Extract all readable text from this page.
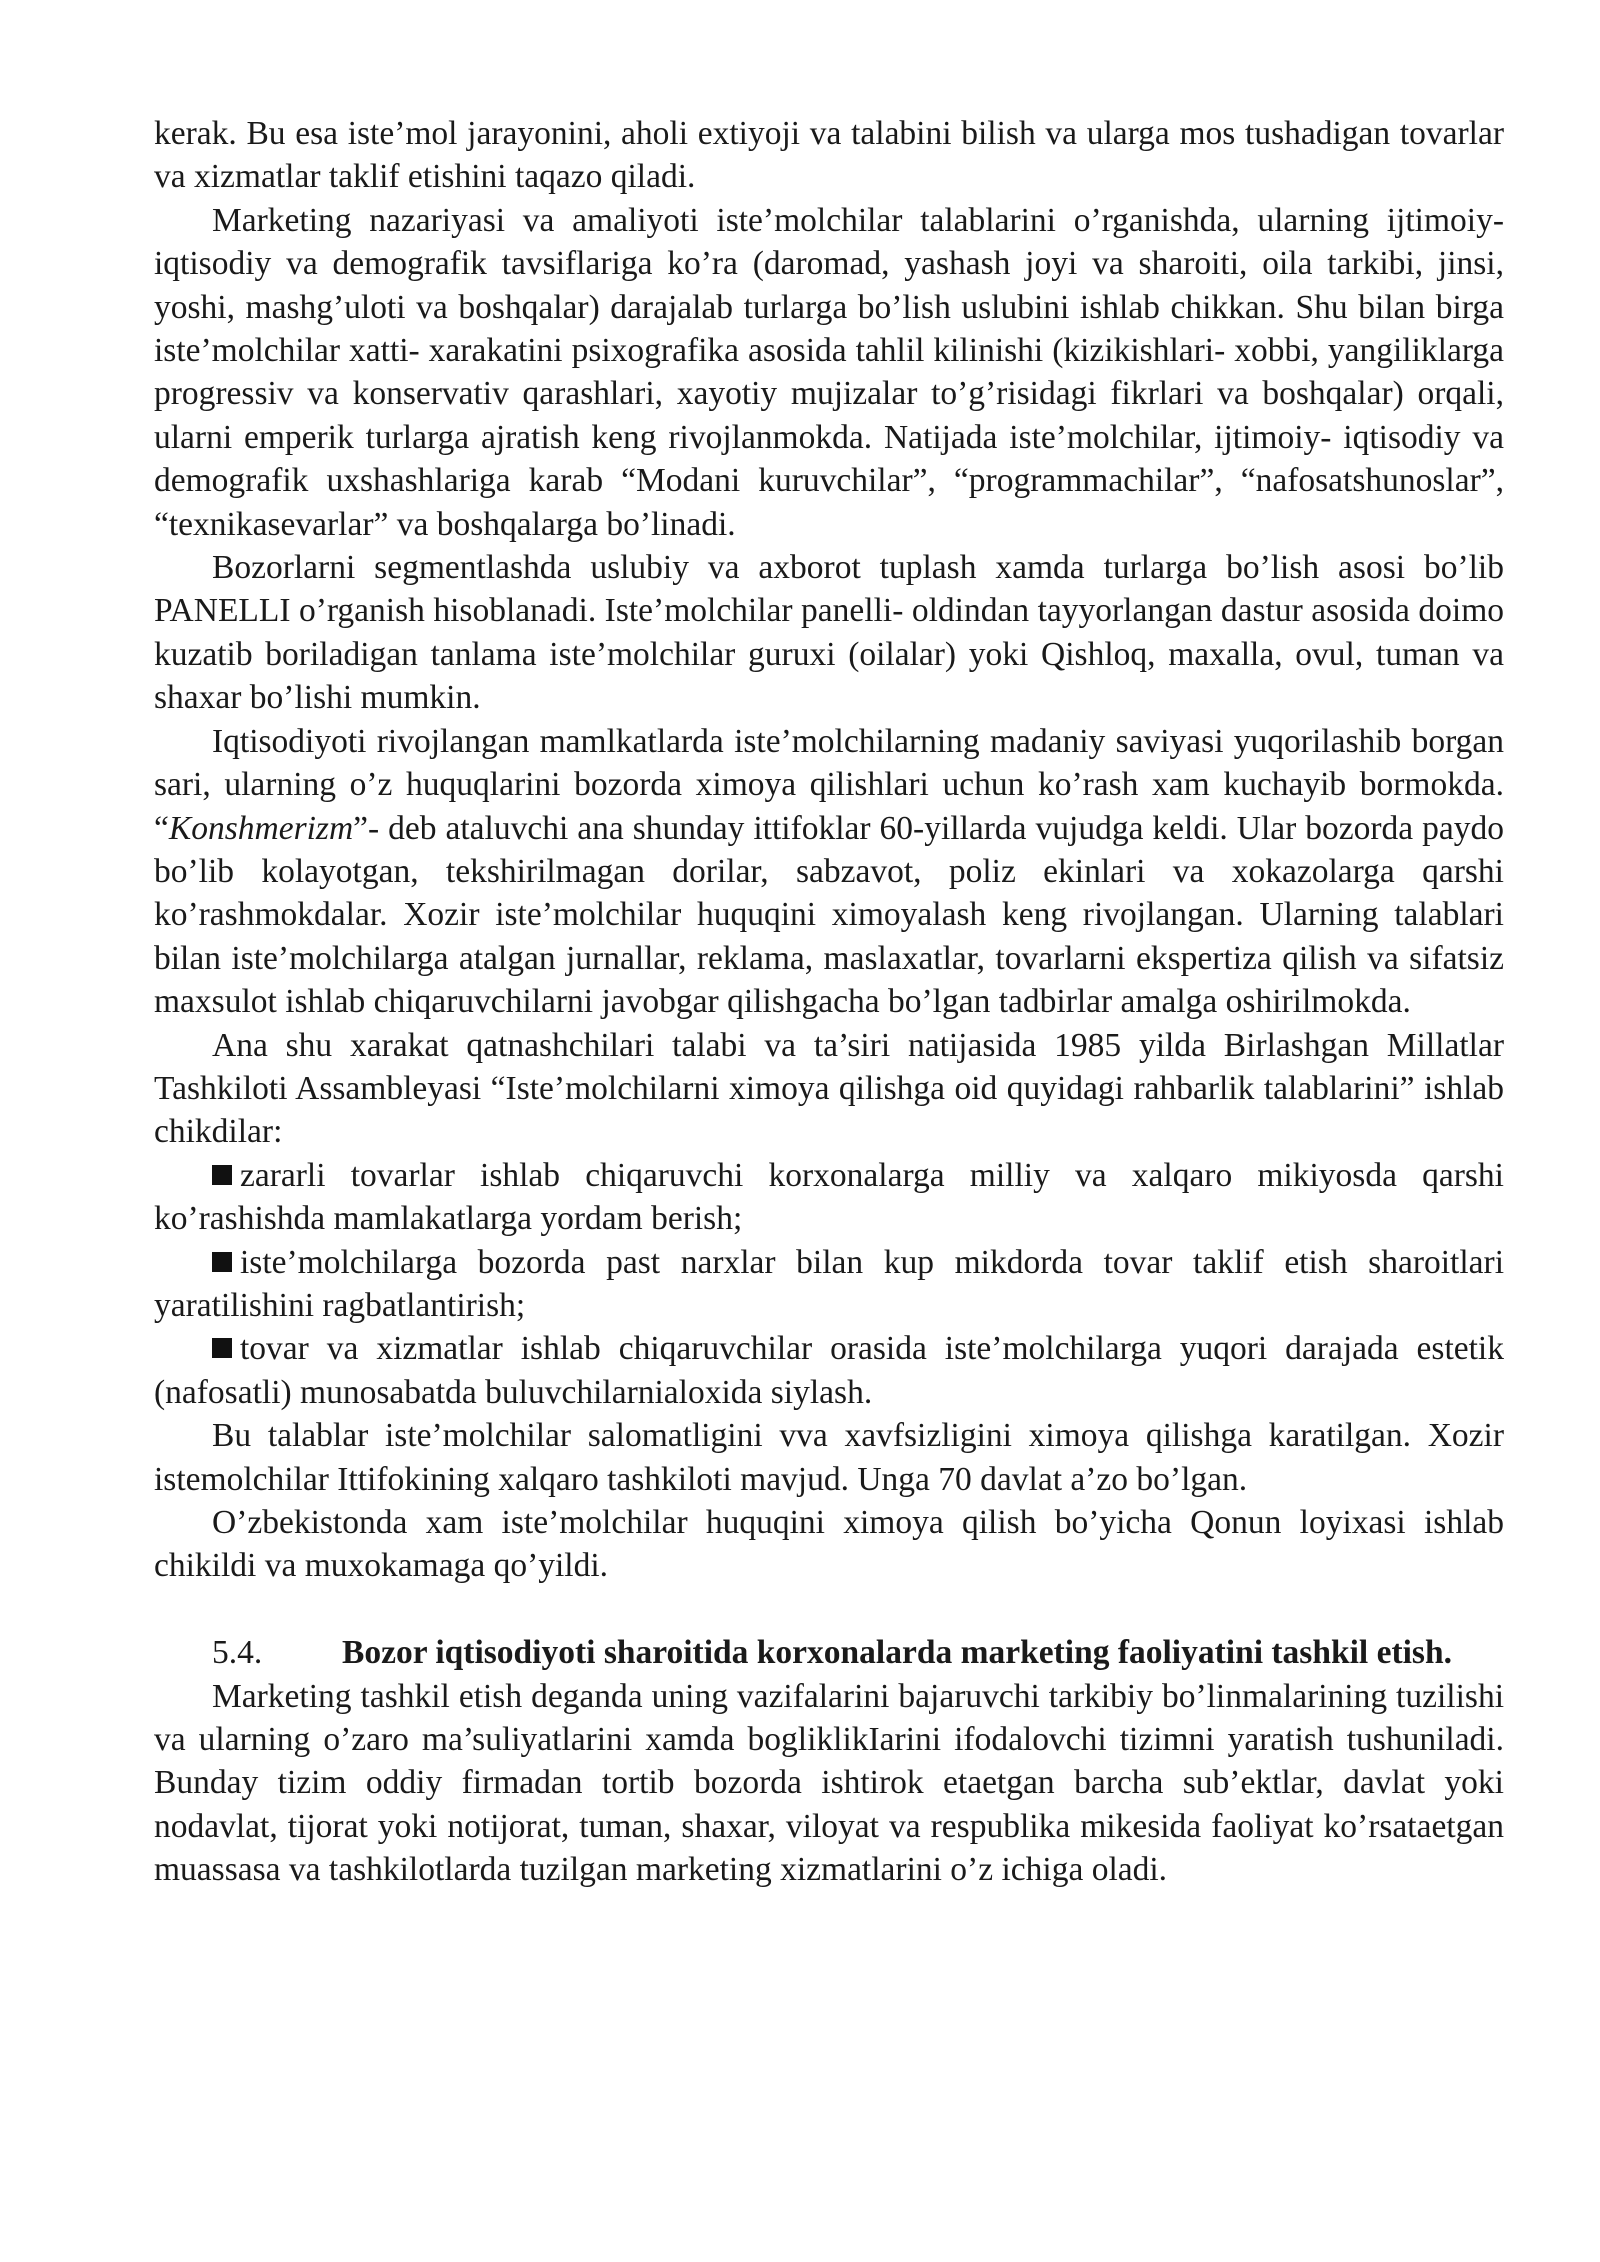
kerak. Bu esa iste’mol jarayonini, aholi extiyoji va talabini bilish va ularga mos tushadigan tovarlar va xizmatlar taklif etishini taqazo qiladi.

Marketing nazariyasi va amaliyoti iste’molchilar talablarini o’rganishda, ularning ijtimoiy- iqtisodiy va demografik tavsiflariga ko’ra (daromad, yashash joyi va sharoiti, oila tarkibi, jinsi, yoshi, mashg’uloti va boshqalar) darajalab turlarga bo’lish uslubini ishlab chikkan. Shu bilan birga iste’molchilar xatti- xarakatini psixografika asosida tahlil kilinishi (kizikishlari- xobbi, yangiliklarga progressiv va konservativ qarashlari, xayotiy mujizalar to’g’risidagi fikrlari va boshqalar) orqali, ularni emperik turlarga ajratish keng rivojlanmokda. Natijada iste’molchilar, ijtimoiy- iqtisodiy va demografik uxshashlariga karab “Modani kuruvchilar”, “programmachilar”, “nafosatshunoslar”, “texnikasevarlar” va boshqalarga bo’linadi.

Bozorlarni segmentlashda uslubiy va axborot tuplash xamda turlarga bo’lish asosi bo’lib PANELLI o’rganish hisoblanadi. Iste’molchilar panelli- oldindan tayyorlangan dastur asosida doimo kuzatib boriladigan tanlama iste’molchilar guruxi (oilalar) yoki Qishloq, maxalla, ovul, tuman va shaxar bo’lishi mumkin.

Iqtisodiyoti rivojlangan mamlkatlarda iste’molchilarning madaniy saviyasi yuqorilashib borgan sari, ularning o’z huquqlarini bozorda ximoya qilishlari uchun ko’rash xam kuchayib bormokda. “Konshmerizm”- deb ataluvchi ana shunday ittifoklar 60-yillarda vujudga keldi. Ular bozorda paydo bo’lib kolayotgan, tekshirilmagan dorilar, sabzavot, poliz ekinlari va xokazolarga qarshi ko’rashmokdalar. Xozir iste’molchilar huquqini ximoyalash keng rivojlangan. Ularning talablari bilan iste’molchilarga atalgan jurnallar, reklama, maslaxatlar, tovarlarni ekspertiza qilish va sifatsiz maxsulot ishlab chiqaruvchilarni javobgar qilishgacha bo’lgan tadbirlar amalga oshirilmokda.

Ana shu xarakat qatnashchilari talabi va ta’siri natijasida 1985 yilda Birlashgan Millatlar Tashkiloti Assambleyasi “Iste’molchilarni ximoya qilishga oid quyidagi rahbarlik talablarini” ishlab chikdilar:

zararli tovarlar ishlab chiqaruvchi korxonalarga milliy va xalqaro mikiyosda qarshi ko’rashishda mamlakatlarga yordam berish;

iste’molchilarga bozorda past narxlar bilan kup mikdorda tovar taklif etish sharoitlari yaratilishini ragbatlantirish;

tovar va xizmatlar ishlab chiqaruvchilar orasida iste’molchilarga yuqori darajada estetik (nafosatli) munosabatda buluvchilarnialoxida siylash.

Bu talablar iste’molchilar salomatligini vva xavfsizligini ximoya qilishga karatilgan. Xozir istemolchilar Ittifokining xalqaro tashkiloti mavjud. Unga 70 davlat a’zo bo’lgan.

O’zbekistonda xam iste’molchilar huquqini ximoya qilish bo’yicha Qonun loyixasi ishlab chikildi va muxokamaga qo’yildi.

5.4. Bozor iqtisodiyoti sharoitida korxonalarda marketing faoliyatini tashkil etish.

Marketing tashkil etish deganda uning vazifalarini bajaruvchi tarkibiy bo’linmalarining tuzilishi va ularning o’zaro ma’suliyatlarini xamda bogliklikIarini ifodalovchi tizimni yaratish tushuniladi. Bunday tizim oddiy firmadan tortib bozorda ishtirok etaetgan barcha sub’ektlar, davlat yoki nodavlat, tijorat yoki notijorat, tuman, shaxar, viloyat va respublika mikesida faoliyat ko’rsataetgan muassasa va tashkilotlarda tuzilgan marketing xizmatlarini o’z ichiga oladi.
